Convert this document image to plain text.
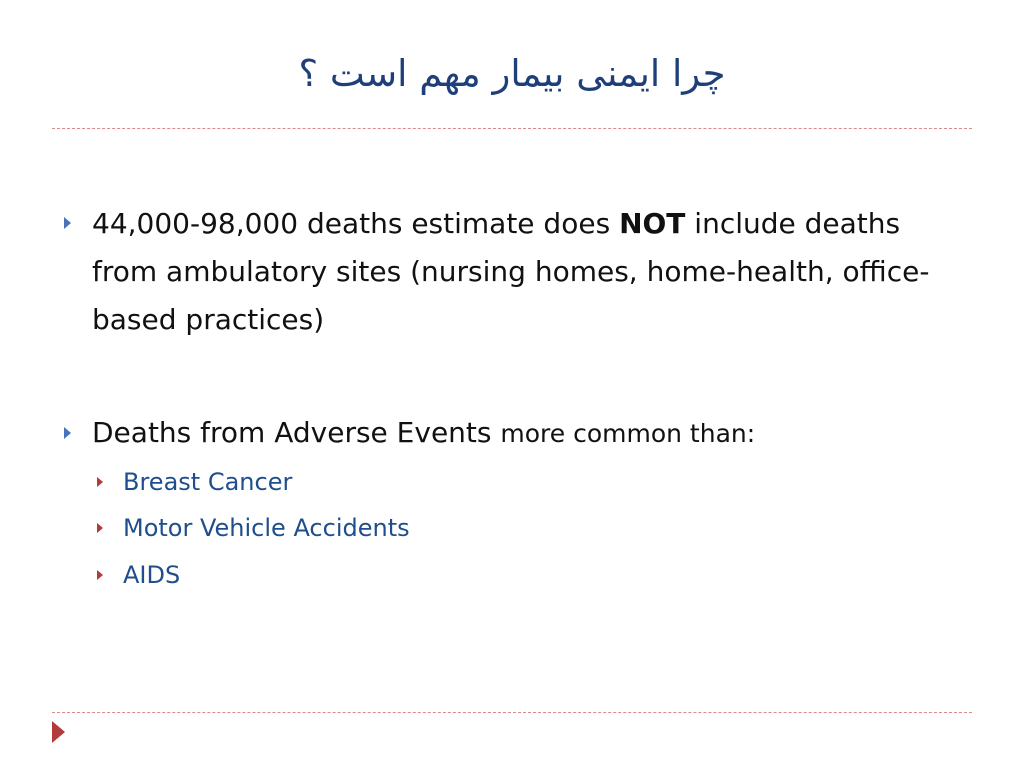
چرا ایمنی بیمار مهم است ؟
44,000-98,000 deaths estimate does NOT include deaths from ambulatory sites (nursing homes, home-health, office-based practices)
Deaths from Adverse Events more common than:
Breast Cancer
Motor Vehicle Accidents
AIDS
